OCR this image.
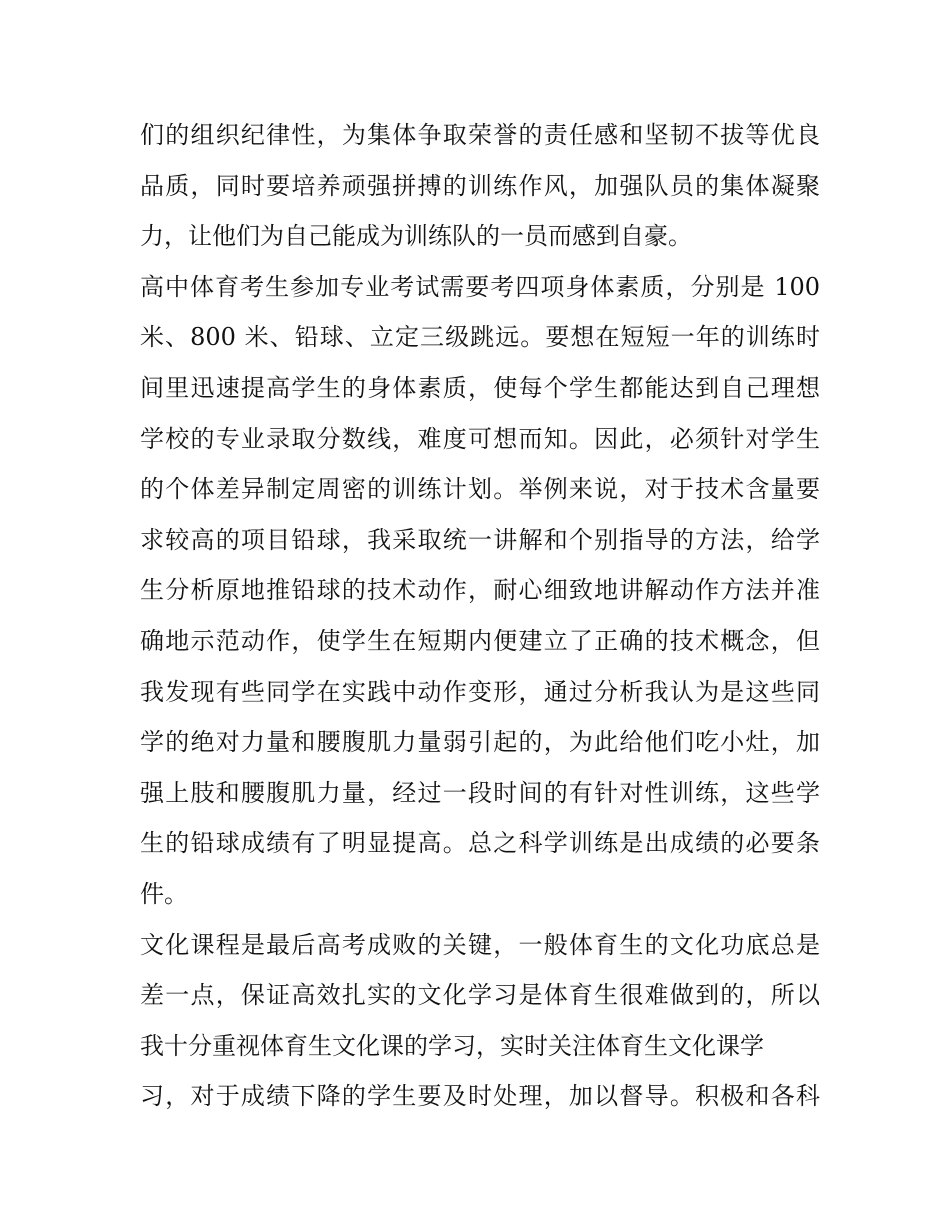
们的组织纪律性，为集体争取荣誉的责任感和坚韧不拔等优良
品质，同时要培养顽强拼搏的训练作风，加强队员的集体凝聚
力，让他们为自己能成为训练队的一员而感到自豪。
高中体育考生参加专业考试需要考四项身体素质，分别是 100
米、800 米、铅球、立定三级跳远。要想在短短一年的训练时
间里迅速提高学生的身体素质，使每个学生都能达到自己理想
学校的专业录取分数线，难度可想而知。因此，必须针对学生
的个体差异制定周密的训练计划。举例来说，对于技术含量要
求较高的项目铅球，我采取统一讲解和个别指导的方法，给学
生分析原地推铅球的技术动作，耐心细致地讲解动作方法并准
确地示范动作，使学生在短期内便建立了正确的技术概念，但
我发现有些同学在实践中动作变形，通过分析我认为是这些同
学的绝对力量和腰腹肌力量弱引起的，为此给他们吃小灶，加
强上肢和腰腹肌力量，经过一段时间的有针对性训练，这些学
生的铅球成绩有了明显提高。总之科学训练是出成绩的必要条
件。
文化课程是最后高考成败的关键，一般体育生的文化功底总是
差一点，保证高效扎实的文化学习是体育生很难做到的，所以
我十分重视体育生文化课的学习，实时关注体育生文化课学
习，对于成绩下降的学生要及时处理，加以督导。积极和各科
